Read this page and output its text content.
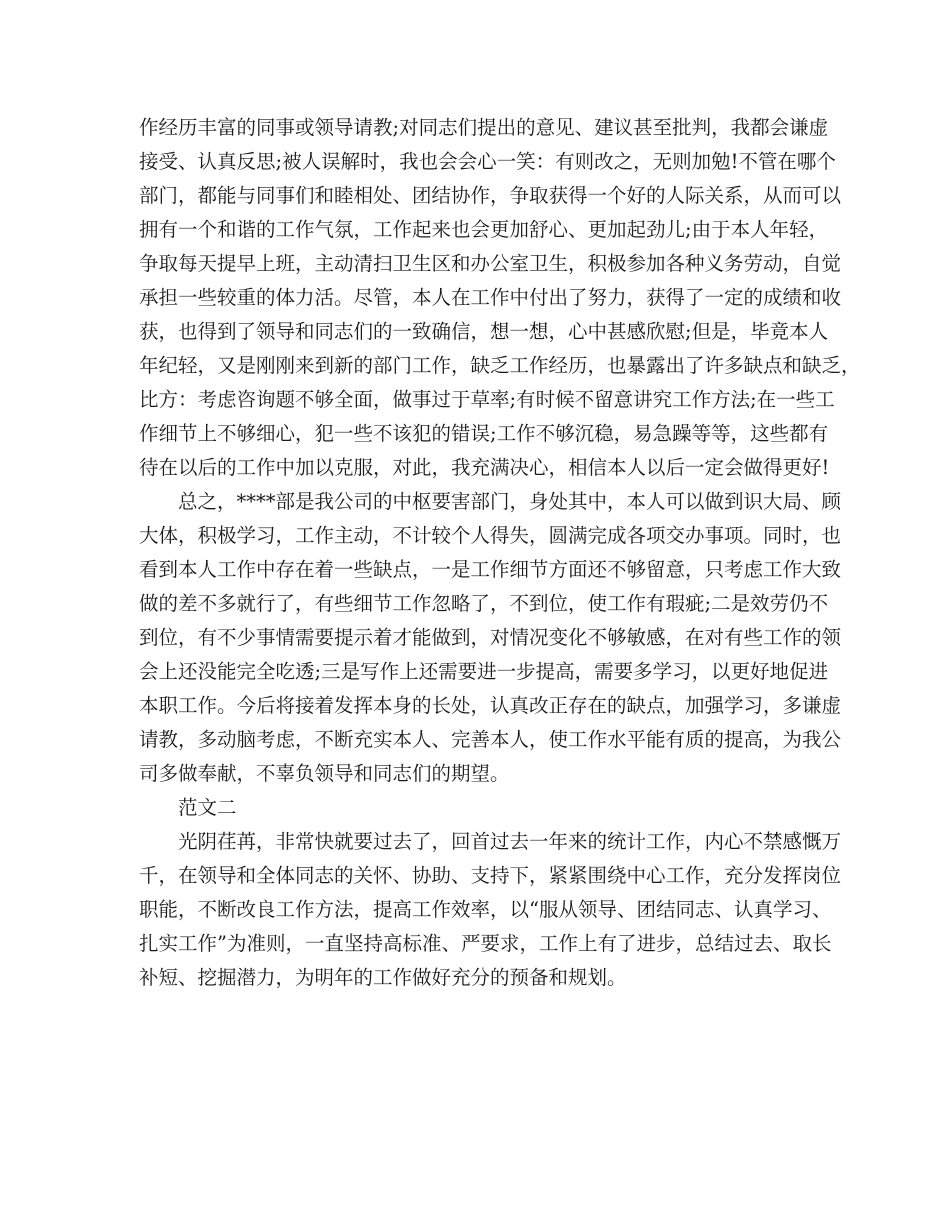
作经历丰富的同事或领导请教;对同志们提出的意见、建议甚至批判，我都会谦虚
接受、认真反思;被人误解时，我也会会心一笑：有则改之，无则加勉!不管在哪个
部门，都能与同事们和睦相处、团结协作，争取获得一个好的人际关系，从而可以
拥有一个和谐的工作气氛，工作起来也会更加舒心、更加起劲儿;由于本人年轻，
争取每天提早上班，主动清扫卫生区和办公室卫生，积极参加各种义务劳动，自觉
承担一些较重的体力活。尽管，本人在工作中付出了努力，获得了一定的成绩和收
获，也得到了领导和同志们的一致确信，想一想，心中甚感欣慰;但是，毕竟本人
年纪轻，又是刚刚来到新的部门工作，缺乏工作经历，也暴露出了许多缺点和缺乏，
比方：考虑咨询题不够全面，做事过于草率;有时候不留意讲究工作方法;在一些工
作细节上不够细心，犯一些不该犯的错误;工作不够沉稳，易急躁等等，这些都有
待在以后的工作中加以克服，对此，我充满决心，相信本人以后一定会做得更好!
　　总之，****部是我公司的中枢要害部门，身处其中，本人可以做到识大局、顾
大体，积极学习，工作主动，不计较个人得失，圆满完成各项交办事项。同时，也
看到本人工作中存在着一些缺点，一是工作细节方面还不够留意，只考虑工作大致
做的差不多就行了，有些细节工作忽略了，不到位，使工作有瑕疵;二是效劳仍不
到位，有不少事情需要提示着才能做到，对情况变化不够敏感，在对有些工作的领
会上还没能完全吃透;三是写作上还需要进一步提高，需要多学习，以更好地促进
本职工作。今后将接着发挥本身的长处，认真改正存在的缺点，加强学习，多谦虚
请教，多动脑考虑，不断充实本人、完善本人，使工作水平能有质的提高，为我公
司多做奉献，不辜负领导和同志们的期望。
　　范文二
　　光阴荏苒，非常快就要过去了，回首过去一年来的统计工作，内心不禁感慨万
千，在领导和全体同志的关怀、协助、支持下，紧紧围绕中心工作，充分发挥岗位
职能，不断改良工作方法，提高工作效率，以“服从领导、团结同志、认真学习、
扎实工作”为准则，一直坚持高标准、严要求，工作上有了进步，总结过去、取长
补短、挖掘潜力，为明年的工作做好充分的预备和规划。
